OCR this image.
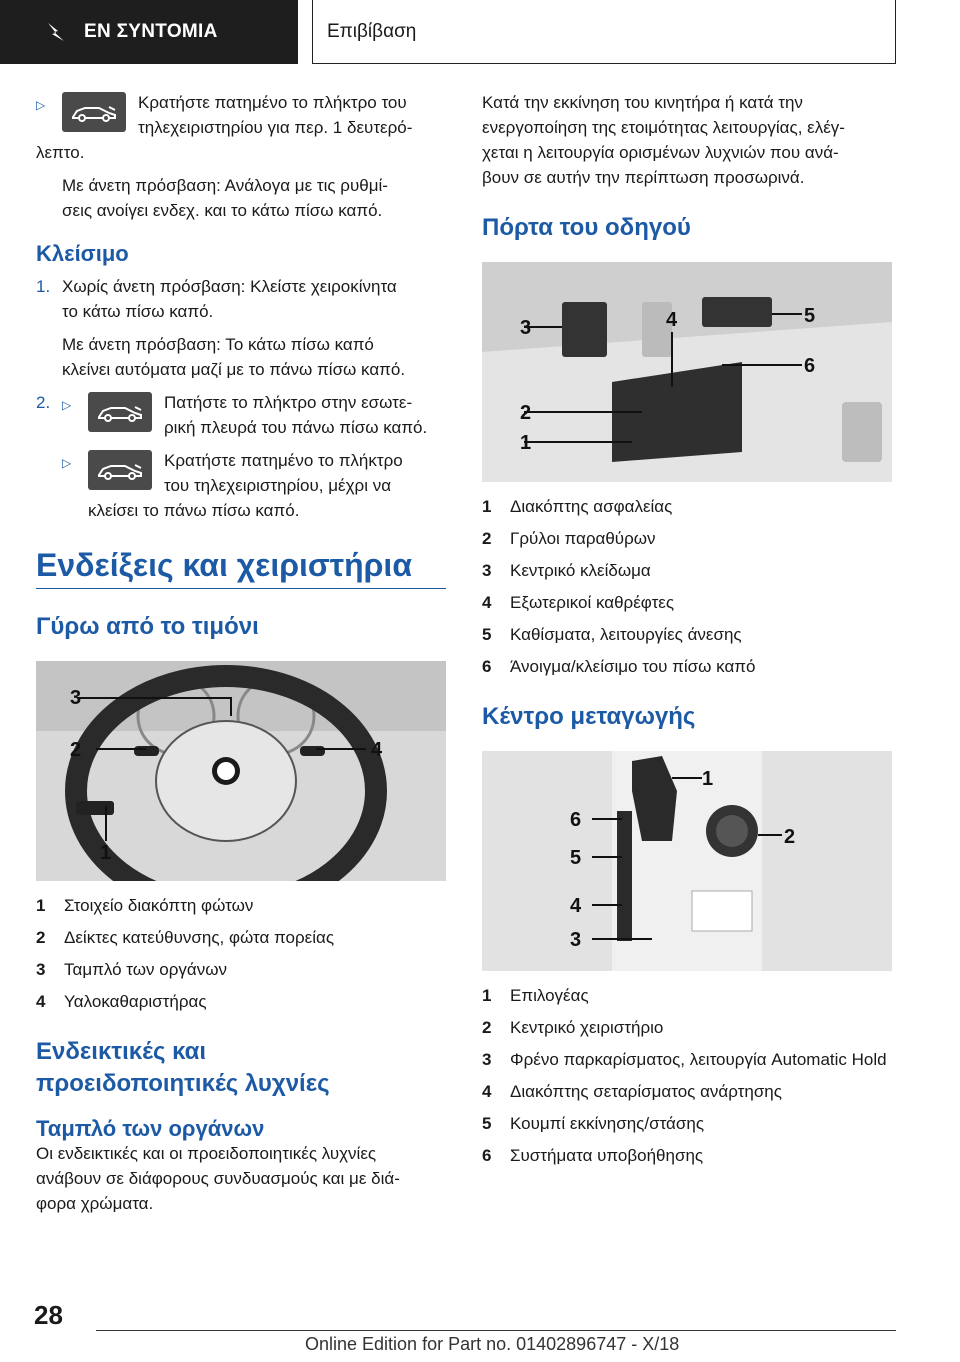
ΕΝ ΣΥΝΤΟΜΙΑ	Επιβίβαση
▷	Κρατήστε πατημένο το πλήκτρο του
τηλεχειριστηρίου για περ. 1 δευτερό-
λεπτο.
Με άνετη πρόσβαση: Ανάλογα με τις ρυθμί-
σεις ανοίγει ενδεχ. και το κάτω πίσω καπό.
Κλείσιμο
1. Χωρίς άνετη πρόσβαση: Κλείστε χειροκίνητα
το κάτω πίσω καπό.
Με άνετη πρόσβαση: Το κάτω πίσω καπό
κλείνει αυτόματα μαζί με το πάνω πίσω καπό.
2. ▷	Πατήστε το πλήκτρο στην εσωτε-
ρική πλευρά του πάνω πίσω καπό.
▷	Κρατήστε πατημένο το πλήκτρο
του τηλεχειριστηρίου, μέχρι να
κλείσει το πάνω πίσω καπό.
Ενδείξεις και χειριστήρια
Γύρω από το τιμόνι
3
2	4
1
1	Στοιχείο διακόπτη φώτων
2	Δείκτες κατεύθυνσης, φώτα πορείας
3	Ταμπλό των οργάνων
4	Υαλοκαθαριστήρας
Ενδεικτικές και
προειδοποιητικές λυχνίες
Ταμπλό των οργάνων
Οι ενδεικτικές και οι προειδοποιητικές λυχνίες
ανάβουν σε διάφορους συνδυασμούς και με διά-
φορα χρώματα.
Κατά την εκκίνηση του κινητήρα ή κατά την
ενεργοποίηση της ετοιμότητας λειτουργίας, ελέγ-
χεται η λειτουργία ορισμένων λυχνιών που ανά-
βουν σε αυτήν την περίπτωση προσωρινά.
Πόρτα του οδηγού
3	4	5
6
2
1
1	Διακόπτης ασφαλείας
2	Γρύλοι παραθύρων
3	Κεντρικό κλείδωμα
4	Εξωτερικοί καθρέφτες
5	Καθίσματα, λειτουργίες άνεσης
6	Άνοιγμα/κλείσιμο του πίσω καπό
Κέντρο μεταγωγής
1
2
6
5
4
3
1	Επιλογέας
2	Κεντρικό χειριστήριο
3	Φρένο παρκαρίσματος, λειτουργία Automatic Hold
4	Διακόπτης σεταρίσματος ανάρτησης
5	Κουμπί εκκίνησης/στάσης
6	Συστήματα υποβοήθησης
28
Online Edition for Part no. 01402896747 - X/18
